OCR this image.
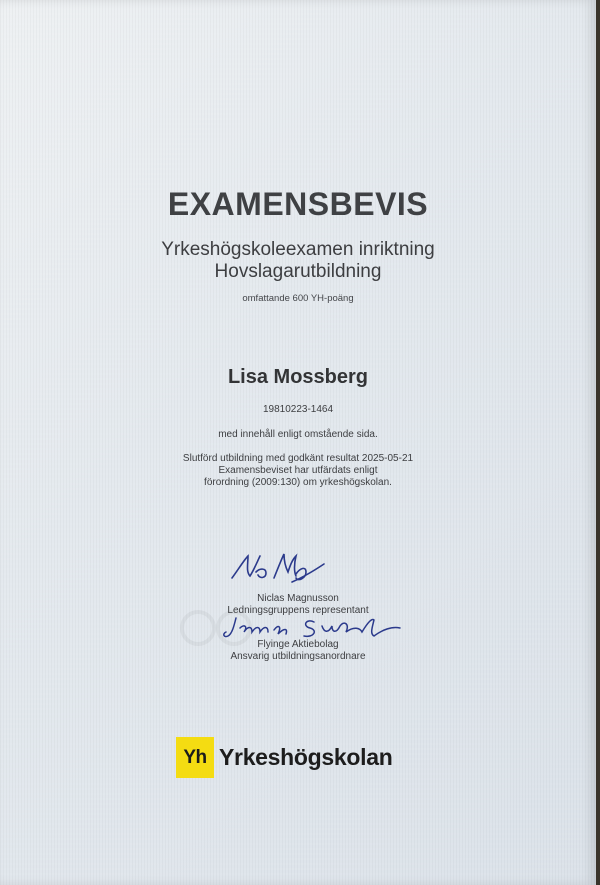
EXAMENSBEVIS
Yrkeshögskoleexamen inriktning
Hovslagarutbildning
omfattande 600 YH-poäng
Lisa Mossberg
19810223-1464
med innehåll enligt omstående sida.
Slutförd utbildning med godkänt resultat 2025-05-21
Examensbeviset har utfärdats enligt
förordning (2009:130) om yrkeshögskolan.
Niclas Magnusson
Ledningsgruppens representant
Flyinge Aktiebolag
Ansvarig utbildningsanordnare
Yh Yrkeshögskolan
